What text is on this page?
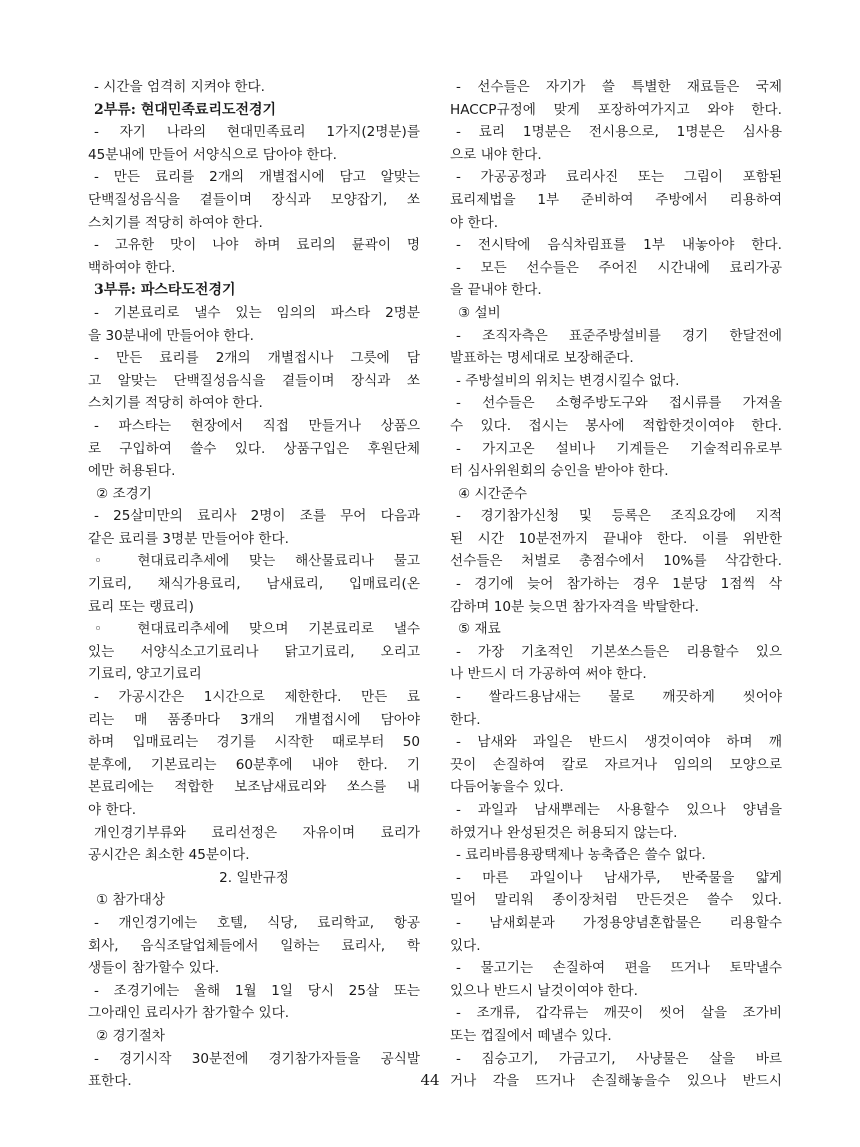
- 시간을 엄격히 지켜야 한다.
2부류: 현대민족료리도전경기
- 자기 나라의 현대민족료리 1가지(2명분)를
45분내에 만들어 서양식으로 담아야 한다.
- 만든 료리를 2개의 개별접시에 담고 알맞는
단백질성음식을 곁들이며 장식과 모양잡기, 쏘
스치기를 적당히 하여야 한다.
- 고유한 맛이 나야 하며 료리의 륜곽이 명
백하여야 한다.
3부류: 파스타도전경기
- 기본료리로 낼수 있는 임의의 파스타 2명분
을 30분내에 만들어야 한다.
- 만든 료리를 2개의 개별접시나 그릇에 담
고 알맞는 단백질성음식을 곁들이며 장식과 쏘
스치기를 적당히 하여야 한다.
- 파스타는 현장에서 직접 만들거나 상품으
로 구입하여 쓸수 있다. 상품구입은 후원단체
에만 허용된다.
② 조경기
- 25살미만의 료리사 2명이 조를 무어 다음과
같은 료리를 3명분 만들어야 한다.
◦ 현대료리추세에 맞는 해산물료리나 물고
기료리, 채식가용료리, 남새료리, 입매료리(온
료리 또는 랭료리)
◦ 현대료리추세에 맞으며 기본료리로 낼수
있는 서양식소고기료리나 닭고기료리, 오리고
기료리, 양고기료리
- 가공시간은 1시간으로 제한한다. 만든 료
리는 매 품종마다 3개의 개별접시에 담아야
하며 입매료리는 경기를 시작한 때로부터 50
분후에, 기본료리는 60분후에 내야 한다. 기
본료리에는 적합한 보조남새료리와 쏘스를 내
야 한다.
개인경기부류와 료리선정은 자유이며 료리가
공시간은 최소한 45분이다.
2. 일반규정
① 참가대상
- 개인경기에는 호텔, 식당, 료리학교, 항공
회사, 음식조달업체들에서 일하는 료리사, 학
생들이 참가할수 있다.
- 조경기에는 올해 1월 1일 당시 25살 또는
그아래인 료리사가 참가할수 있다.
② 경기절차
- 경기시작 30분전에 경기참가자들을 공식발
표한다.
- 선수들은 자기가 쓸 특별한 재료들은 국제
HACCP규정에 맞게 포장하여가지고 와야 한다.
- 료리 1명분은 전시용으로, 1명분은 심사용
으로 내야 한다.
- 가공공정과 료리사진 또는 그림이 포함된
료리제법을 1부 준비하여 주방에서 리용하여
야 한다.
- 전시탁에 음식차림표를 1부 내놓아야 한다.
- 모든 선수들은 주어진 시간내에 료리가공
을 끝내야 한다.
③ 설비
- 조직자측은 표준주방설비를 경기 한달전에
발표하는 명세대로 보장해준다.
- 주방설비의 위치는 변경시킬수 없다.
- 선수들은 소형주방도구와 접시류를 가져올
수 있다. 접시는 봉사에 적합한것이여야 한다.
- 가지고온 설비나 기계들은 기술적리유로부
터 심사위원회의 승인을 받아야 한다.
④ 시간준수
- 경기참가신청 및 등록은 조직요강에 지적
된 시간 10분전까지 끝내야 한다. 이를 위반한
선수들은 처벌로 총점수에서 10%를 삭감한다.
- 경기에 늦어 참가하는 경우 1분당 1점씩 삭
감하며 10분 늦으면 참가자격을 박탈한다.
⑤ 재료
- 가장 기초적인 기본쏘스들은 리용할수 있으
나 반드시 더 가공하여 써야 한다.
- 쌀라드용남새는 물로 깨끗하게 씻어야
한다.
- 남새와 과일은 반드시 생것이여야 하며 깨
끗이 손질하여 칼로 자르거나 임의의 모양으로
다듬어놓을수 있다.
- 과일과 남새뿌레는 사용할수 있으나 양념을
하였거나 완성된것은 허용되지 않는다.
- 료리바름용광택제나 농축즙은 쓸수 없다.
- 마른 과일이나 남새가루, 반죽물을 얇게
밀어 말리워 종이장처럼 만든것은 쓸수 있다.
- 남새회분과 가정용양념혼합물은 리용할수
있다.
- 물고기는 손질하여 편을 뜨거나 토막낼수
있으나 반드시 날것이여야 한다.
- 조개류, 갑각류는 깨끗이 씻어 살을 조가비
또는 껍질에서 떼낼수 있다.
- 짐승고기, 가금고기, 사냥물은 살을 바르
거나 각을 뜨거나 손질해놓을수 있으나 반드시
44
